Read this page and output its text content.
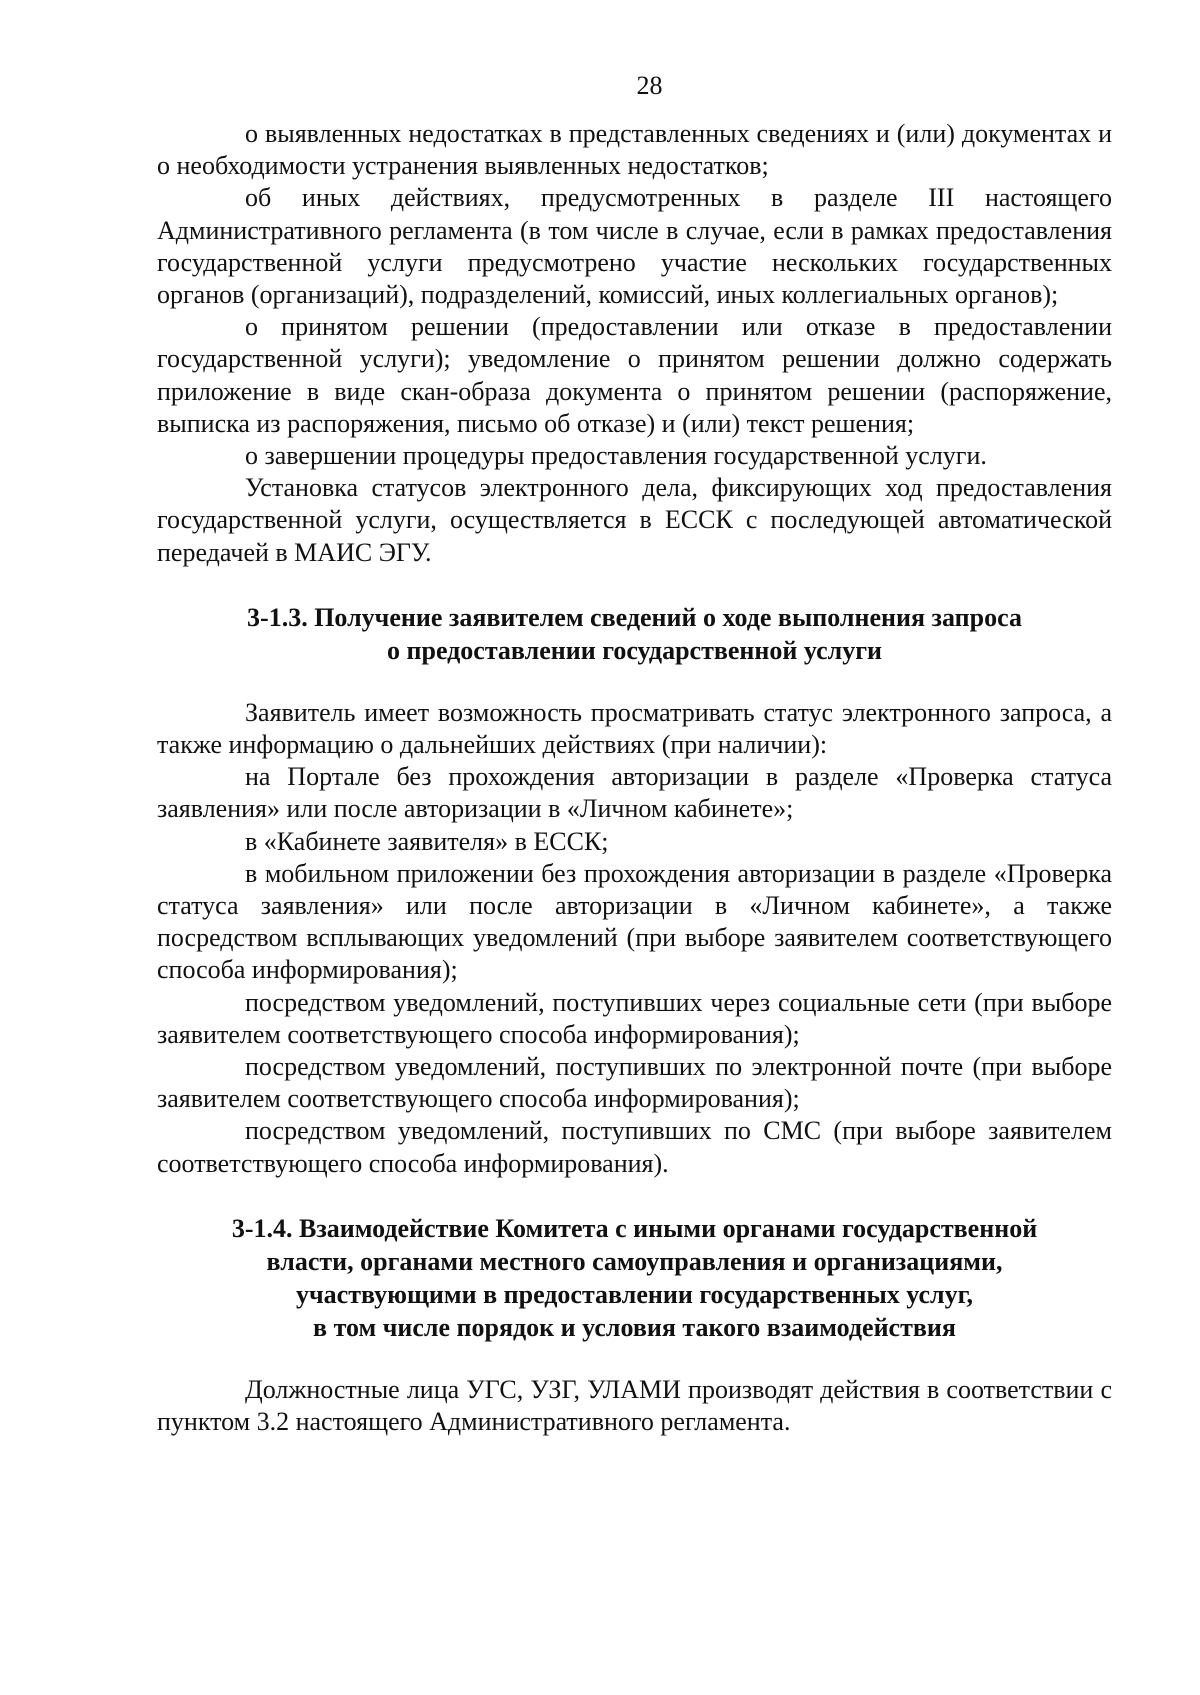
28

о выявленных недостатках в представленных сведениях и (или) документах и о необходимости устранения выявленных недостатков;

об иных действиях, предусмотренных в разделе III настоящего Административного регламента (в том числе в случае, если в рамках предоставления государственной услуги предусмотрено участие нескольких государственных органов (организаций), подразделений, комиссий, иных коллегиальных органов);

о принятом решении (предоставлении или отказе в предоставлении государственной услуги); уведомление о принятом решении должно содержать приложение в виде скан-образа документа о принятом решении (распоряжение, выписка из распоряжения, письмо об отказе) и (или) текст решения;

о завершении процедуры предоставления государственной услуги.

Установка статусов электронного дела, фиксирующих ход предоставления государственной услуги, осуществляется в ЕССК с последующей автоматической передачей в МАИС ЭГУ.

3-1.3. Получение заявителем сведений о ходе выполнения запроса

о предоставлении государственной услуги

Заявитель имеет возможность просматривать статус электронного запроса, а также информацию о дальнейших действиях (при наличии):

на Портале без прохождения авторизации в разделе «Проверка статуса заявления» или после авторизации в «Личном кабинете»;

в «Кабинете заявителя» в ЕССК;

в мобильном приложении без прохождения авторизации в разделе «Проверка статуса заявления» или после авторизации в «Личном кабинете», а также посредством всплывающих уведомлений (при выборе заявителем соответствующего способа информирования);

посредством уведомлений, поступивших через социальные сети (при выборе заявителем соответствующего способа информирования);

посредством уведомлений, поступивших по электронной почте (при выборе заявителем соответствующего способа информирования);

посредством уведомлений, поступивших по СМС (при выборе заявителем соответствующего способа информирования).

3-1.4. Взаимодействие Комитета с иными органами государственной

власти, органами местного самоуправления и организациями,

участвующими в предоставлении государственных услуг,

в том числе порядок и условия такого взаимодействия

Должностные лица УГС, УЗГ, УЛАМИ производят действия в соответствии с пунктом 3.2 настоящего Административного регламента.
